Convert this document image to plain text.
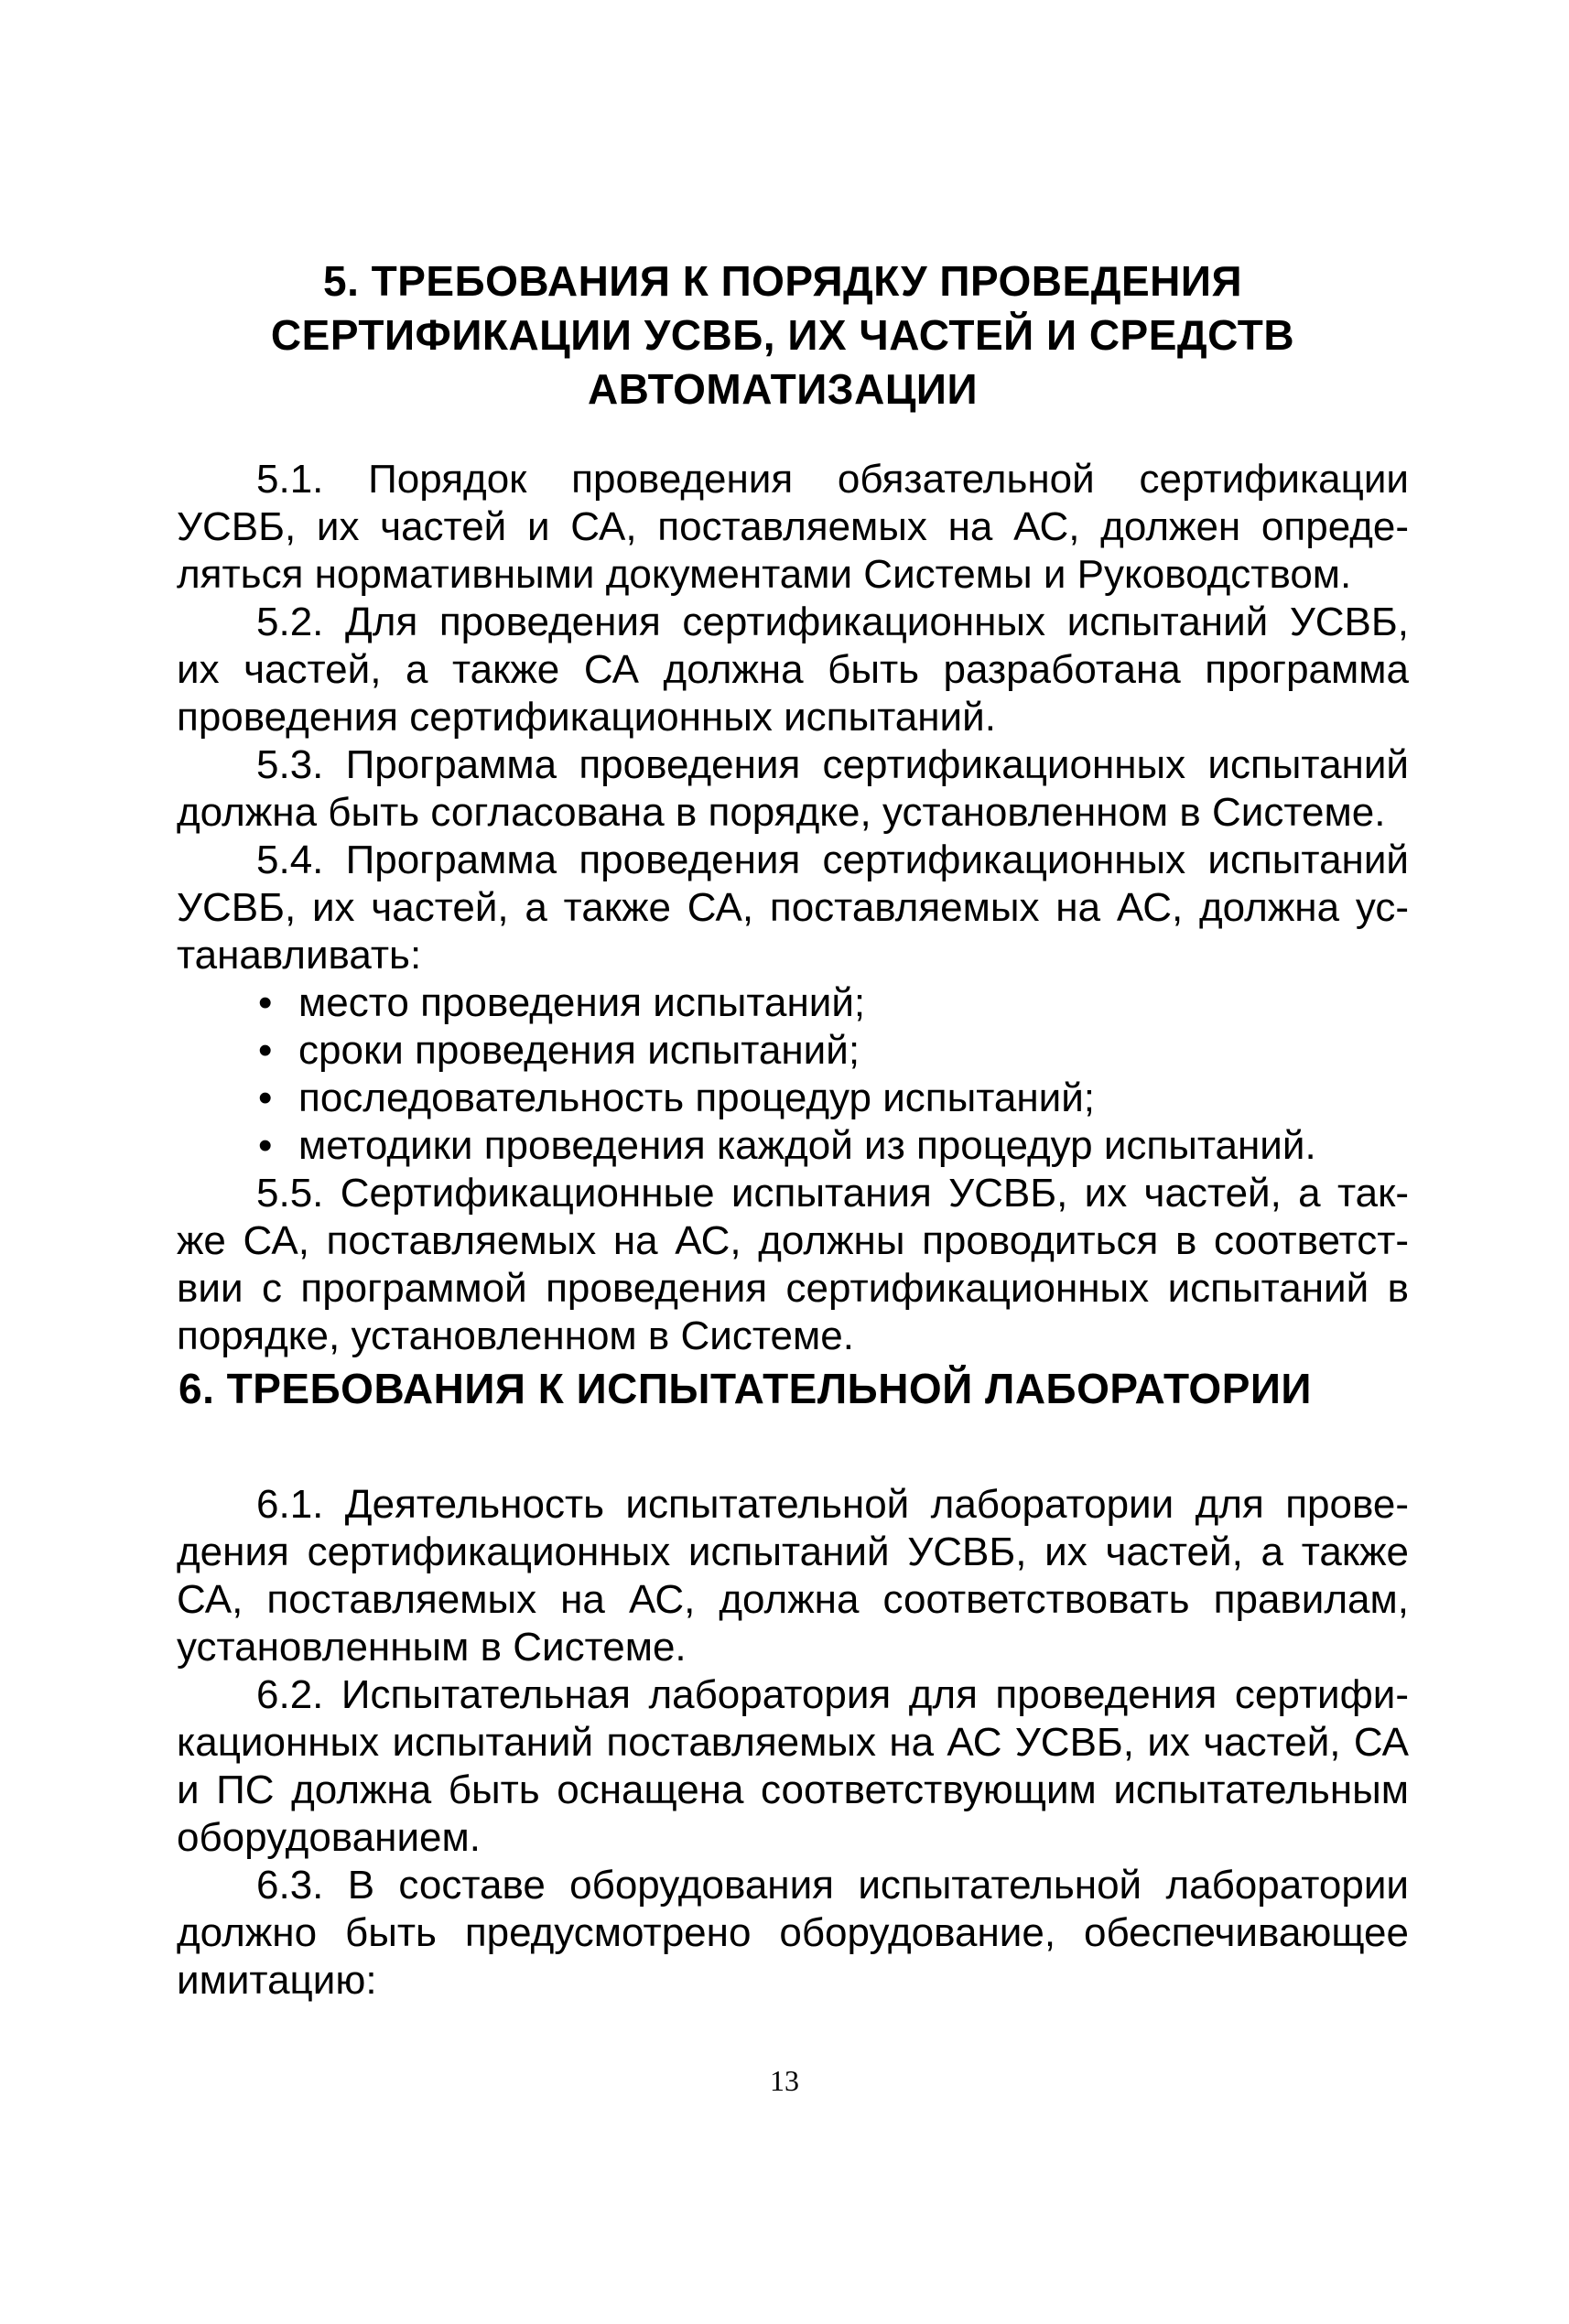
5. ТРЕБОВАНИЯ К ПОРЯДКУ ПРОВЕДЕНИЯ
СЕРТИФИКАЦИИ УСВБ, ИХ ЧАСТЕЙ И СРЕДСТВ
АВТОМАТИЗАЦИИ
5.1. Порядок проведения обязательной сертификации
УСВБ, их частей и СА, поставляемых на АС, должен опреде-
ляться нормативными документами Системы и Руководством.
5.2. Для проведения сертификационных испытаний УСВБ,
их частей, а также СА должна быть разработана программа
проведения сертификационных испытаний.
5.3. Программа проведения сертификационных испытаний
должна быть согласована в порядке, установленном в Системе.
5.4. Программа проведения сертификационных испытаний
УСВБ, их частей, а также СА, поставляемых на АС, должна ус-
танавливать:
• место проведения испытаний;
• сроки проведения испытаний;
• последовательность процедур испытаний;
• методики проведения каждой из процедур испытаний.
5.5. Сертификационные испытания УСВБ, их частей, а так-
же СА, поставляемых на АС, должны проводиться в соответст-
вии с программой проведения сертификационных испытаний в
порядке, установленном в Системе.
6. ТРЕБОВАНИЯ К ИСПЫТАТЕЛЬНОЙ ЛАБОРАТОРИИ
6.1. Деятельность испытательной лаборатории для прове-
дения сертификационных испытаний УСВБ, их частей, а также
СА, поставляемых на АС, должна соответствовать правилам,
установленным в Системе.
6.2. Испытательная лаборатория для проведения сертифи-
кационных испытаний поставляемых на АС УСВБ, их частей, СА
и ПС должна быть оснащена соответствующим испытательным
оборудованием.
6.3. В составе оборудования испытательной лаборатории
должно быть предусмотрено оборудование, обеспечивающее
имитацию:
13
